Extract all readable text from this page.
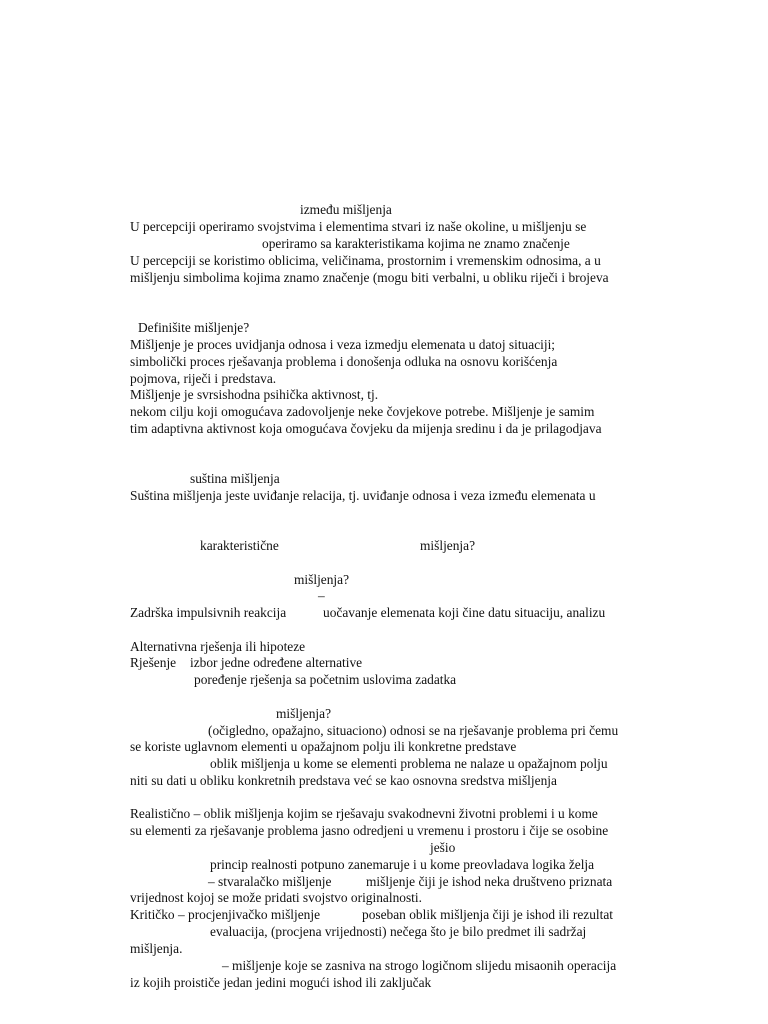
između mišljenja

U percepciji operiramo svojstvima i elementima stvari iz naše okoline, u mišljenju se

operiramo sa karakteristikama kojima ne znamo značenje

U percepciji se koristimo oblicima, veličinama, prostornim i vremenskim odnosima, a u

mišljenju simbolima kojima znamo značenje (mogu biti verbalni, u obliku riječi i brojeva

Definišite mišljenje?

Mišljenje je proces uvidjanja odnosa i veza izmedju elemenata u datoj situaciji;

simbolički proces rješavanja problema i donošenja odluka na osnovu korišćenja

pojmova, riječi i predstava.

Mišljenje je svrsishodna psihička aktivnost, tj.

nekom cilju koji omogućava zadovoljenje neke čovjekove potrebe. Mišljenje je samim

tim adaptivna aktivnost koja omogućava čovjeku da mijenja sredinu i da je prilagodjava

suština mišljenja

Suština mišljenja jeste uviđanje relacija, tj. uviđanje odnosa i veza između elemenata u

karakteristične	mišljenja?

mišljenja?

–

Zadrška impulsivnih reakcija	uočavanje elemenata koji čine datu situaciju, analizu

Alternativna rješenja ili hipoteze

Rješenje izbor jedne određene alternative

poređenje rješenja sa početnim uslovima zadatka

mišljenja?

(očigledno, opažajno, situaciono) odnosi se na rješavanje problema pri čemu

se koriste uglavnom elementi u opažajnom polju ili konkretne predstave

oblik mišljenja u kome se elementi problema ne nalaze u opažajnom polju

niti su dati u obliku konkretnih predstava već se kao osnovna sredstva mišljenja

Realistično – oblik mišljenja kojim se rješavaju svakodnevni životni problemi i u kome

su elementi za rješavanje problema jasno odredjeni u vremenu i prostoru i čije se osobine

ješio

princip realnosti potpuno zanemaruje i u kome preovladava logika želja

– stvaralačko mišljenje	mišljenje čiji je ishod neka društveno priznata

vrijednost kojoj se može pridati svojstvo originalnosti.

Kritičko – procjenjivačko mišljenje	poseban oblik mišljenja čiji je ishod ili rezultat

evaluacija, (procjena vrijednosti) nečega što je bilo predmet ili sadržaj

mišljenja.

– mišljenje koje se zasniva na strogo logičnom slijedu misaonih operacija

iz kojih proističe jedan jedini mogući ishod ili zaključak
